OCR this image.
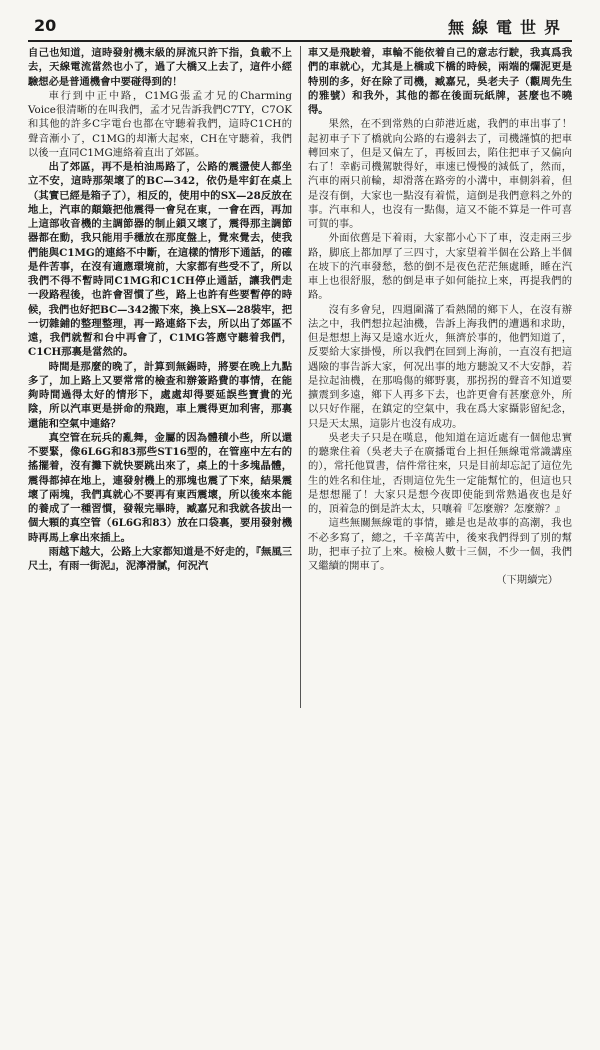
20	無線電世界

自己也知道，這時發射機末級的屏流只許下指，負載不上去，天線電流當然也小了，過了大橋又上去了，這件小經驗想必是普通機會中要碰得到的！

車行到中正中路，C1MG張孟才兄的Charming Voice很清晰的在叫我們，孟才兄告訴我們C7TY，C7OK和其他的許多C字電台也都在守聽着我們，這時C1CH的聲音漸小了，C1MG的却漸大起來，CH在守聽着，我們以後一直同C1MG連絡着直出了郊區。

出了郊區，再不是柏油馬路了，公路的震盪使人都坐立不安，這時那架壞了的BC—342，依仍是牢釘在桌上（其實已經是箱子了），相反的，使用中的SX—28反放在地上，汽車的顛簸把他震得一會兒在東，一會在西，再加上這部收音機的主調節器的制止鎖又壞了，震得那主調節器都在動，我只能用手穩放在那度盤上，覺來覺去，使我們能與C1MG的連絡不中斷，在這樣的情形下通話，的確是件苦事，在沒有適應環境前，大家都有些受不了，所以我們不得不暫時同C1MG和C1CH停止通話，讓我們走一段路程後，也許會習慣了些，路上也許有些要暫停的時候，我們也好把BC—342搬下來，換上SX—28裝牢，把一切雜鋪的整理整理，再一路連絡下去，所以出了郊區不遠，我們就暫和台中再會了，C1MG答應守聽着我們，C1CH那裏是當然的。

時間是那麼的晚了，計算到無錫時，將要在晚上九點多了，加上路上又要常常的檢查和辦簽路費的事情，在能夠時間過得太好的情形下，處處却得要延誤些寶貴的光陰，所以汽車更是拼命的飛跑，車上震得更加利害，那裏還能和空氣中連絡？

真空管在玩兵的亂舞，金屬的因為體積小些，所以還不要緊，像6L6G和83那些ST16型的，在管座中左右的搖擺着，沒有攤下就快要跳出來了，桌上的十多塊晶體，震得都掉在地上，連發射機上的那塊也震了下來，結果震壞了兩塊，我們真就心不要再有東西震壞，所以後來本能的養成了一種習慣，發報完畢時，臧嘉兄和我就各拔出一個大顆的真空管（6L6G和83）放在口袋裏，要用發射機時再馬上拿出來插上。

雨越下越大，公路上大家都知道是不好走的，『無風三尺土，有雨一街泥』，泥濘滑膩，何況汽

車又是飛駛着，車輪不能依着自己的意志行駛，我真爲我們的車就心，尤其是上橋或下橋的時候，兩端的爛泥更是特別的多，好在除了司機，臧嘉兄，吳老夫子（觀周先生的雅號）和我外，其他的都在後面玩紙牌，甚麼也不曉得。

果然，在不到常熟的白茆港近處，我們的車出事了！起初車子下了橋就向公路的右邊斜去了，司機謹慎的把車轉回來了，但是又偏左了，再板回去，陷住把車子又偏向右了！幸虧司機駕駛得好，車速已慢慢的減低了，然而，汽車的兩只前輪，却滑落在路旁的小溝中，車側斜着，但是沒有倒，大家也一點沒有着慌，這倒是我們意料之外的事。汽車和人，也沒有一點傷，這又不能不算是一件可喜可賀的事。

外面依舊是下着雨，大家都小心下了車，沒走兩三步路，脚底上都加厚了三四寸，大家望着半個在公路上半個在坡下的汽車發愁，愁的倒不是夜色茫茫無處睡，睡在汽車上也很舒服，愁的倒是車子如何能拉上來，再提我們的路。

沒有多會兒，四週圍滿了看熱鬧的鄉下人，在沒有辦法之中，我們想拉起油機，告訴上海我們的遭遇和求助，但是想想上海又是遠水近火，無濟於事的，他們知道了，反要給大家掛慢，所以我們在回到上海前，一直沒有把這遇險的事告訴大家，何况出事的地方聽說又不大安靜，若是拉起油機，在那嗚傷的鄉野裏，那拐拐的聲音不知道要擴震到多遠，鄉下人再多下去，也許更會有甚麼意外，所以只好作罷，在鎮定的空氣中，我在爲大家攝影留紀念，只是天太黑，這影片也沒有成功。

吳老夫子只是在嘆息，他知道在這近處有一個他忠實的聽衆住着（吳老夫子在廣播電台上担任無線電常識講座的），常托他買書，信件常往來，只是目前却忘記了這位先生的姓名和住址，否則這位先生一定能幫忙的，但這也只是想想罷了！大家只是想今夜即使能到常熟過夜也是好的，頂着急的倒是許太太，只嚷着『怎麼辦？怎麼辦？』

這些無關無線電的事情，雖是也是故事的高潮，我也不必多寫了，總之，千辛萬苦中，後來我們得到了別的幫助，把車子拉了上來。檢檢人數十三個，不少一個，我們又繼續的開車了。

（下期續完）
